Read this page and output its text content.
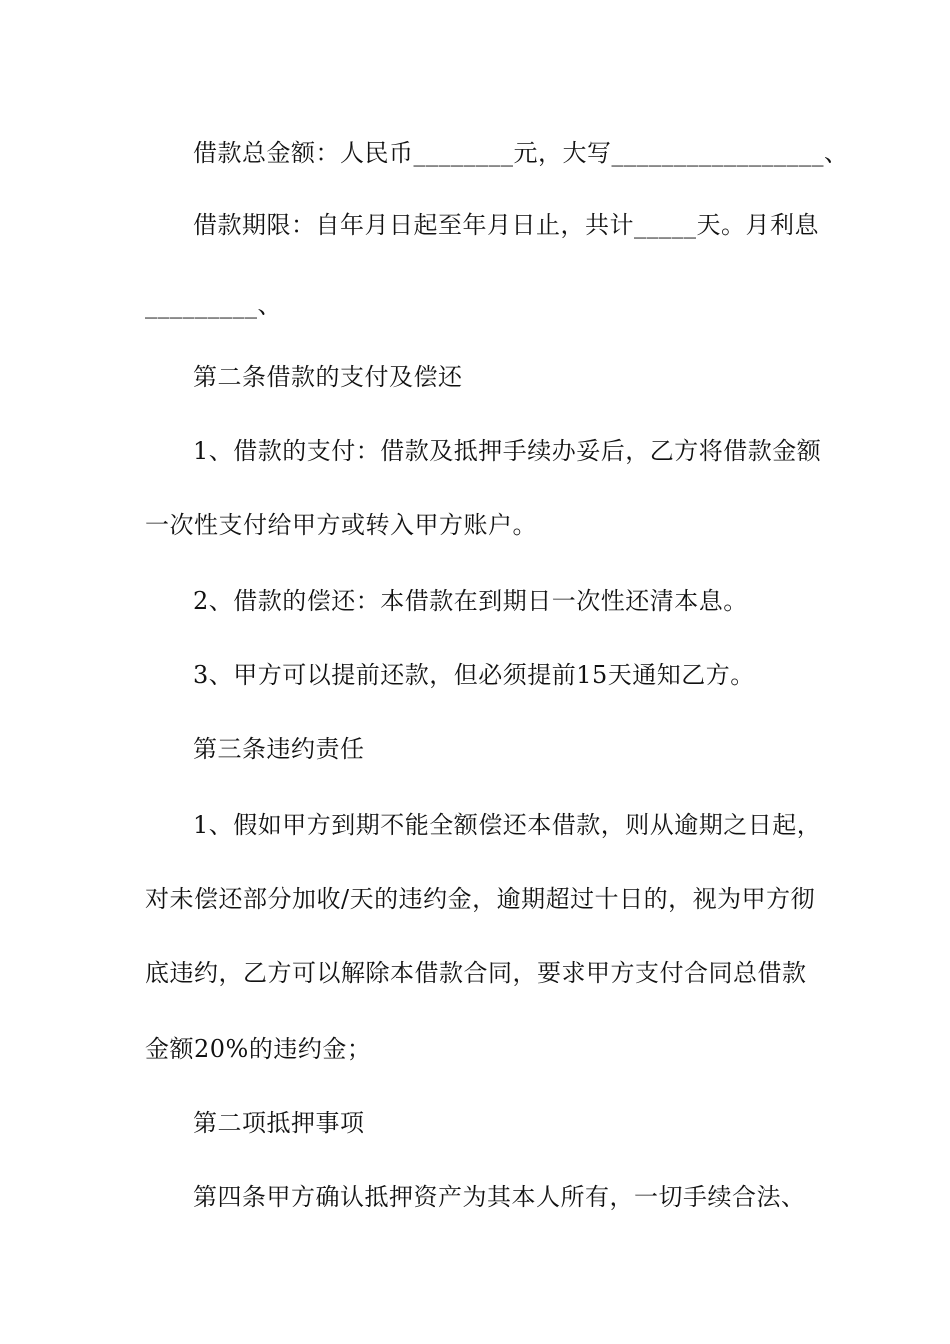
借款总金额：人民币________元，大写_________________、
借款期限：自年月日起至年月日止，共计_____天。月利息
_________、
第二条借款的支付及偿还
1、借款的支付：借款及抵押手续办妥后，乙方将借款金额
一次性支付给甲方或转入甲方账户。
2、借款的偿还：本借款在到期日一次性还清本息。
3、甲方可以提前还款，但必须提前15天通知乙方。
第三条违约责任
1、假如甲方到期不能全额偿还本借款，则从逾期之日起，
对未偿还部分加收/天的违约金，逾期超过十日的，视为甲方彻
底违约，乙方可以解除本借款合同，要求甲方支付合同总借款
金额20%的违约金；
第二项抵押事项
第四条甲方确认抵押资产为其本人所有，一切手续合法、
